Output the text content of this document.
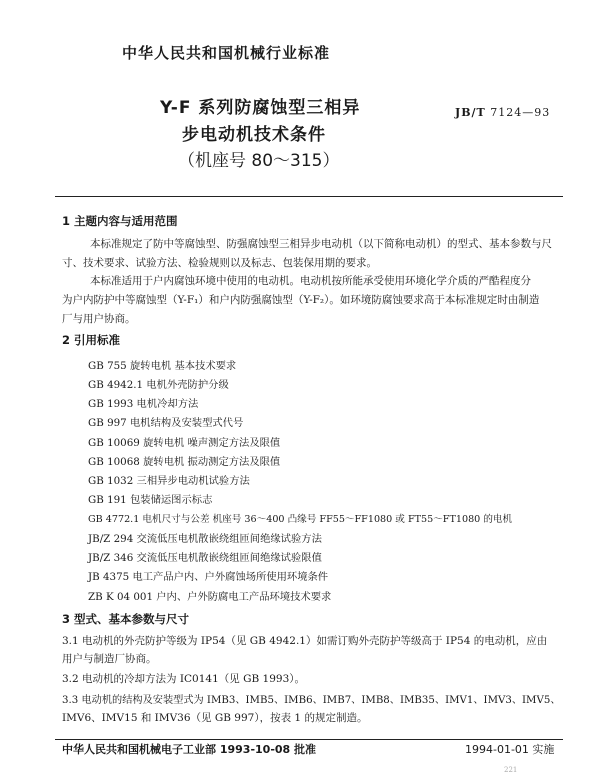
中华人民共和国机械行业标准
Y-F 系列防腐蚀型三相异
步电动机技术条件
（机座号 80～315）
JB/T 7124—93
1 主题内容与适用范围
本标准规定了防中等腐蚀型、防强腐蚀型三相异步电动机（以下简称电动机）的型式、基本参数与尺
寸、技术要求、试验方法、检验规则以及标志、包装保用期的要求。
本标准适用于户内腐蚀环境中使用的电动机。电动机按所能承受使用环境化学介质的严酷程度分
为户内防护中等腐蚀型（Y-F₁）和户内防强腐蚀型（Y-F₂）。如环境防腐蚀要求高于本标准规定时由制造
厂与用户协商。
2 引用标准
GB 755 旋转电机 基本技术要求
GB 4942.1 电机外壳防护分级
GB 1993 电机冷却方法
GB 997 电机结构及安装型式代号
GB 10069 旋转电机 噪声测定方法及限值
GB 10068 旋转电机 振动测定方法及限值
GB 1032 三相异步电动机试验方法
GB 191 包装储运图示标志
GB 4772.1 电机尺寸与公差 机座号 36～400 凸缘号 FF55～FF1080 或 FT55～FT1080 的电机
JB/Z 294 交流低压电机散嵌绕组匝间绝缘试验方法
JB/Z 346 交流低压电机散嵌绕组匝间绝缘试验限值
JB 4375 电工产品户内、户外腐蚀场所使用环境条件
ZB K 04 001 户内、户外防腐电工产品环境技术要求
3 型式、基本参数与尺寸
3.1 电动机的外壳防护等级为 IP54（见 GB 4942.1）如需订购外壳防护等级高于 IP54 的电动机，应由
用户与制造厂协商。
3.2 电动机的冷却方法为 IC0141（见 GB 1993）。
3.3 电动机的结构及安装型式为 IMB3、IMB5、IMB6、IMB7、IMB8、IMB35、IMV1、IMV3、IMV5、
IMV6、IMV15 和 IMV36（见 GB 997），按表 1 的规定制造。
中华人民共和国机械电子工业部 1993-10-08 批准	1994-01-01 实施
221
